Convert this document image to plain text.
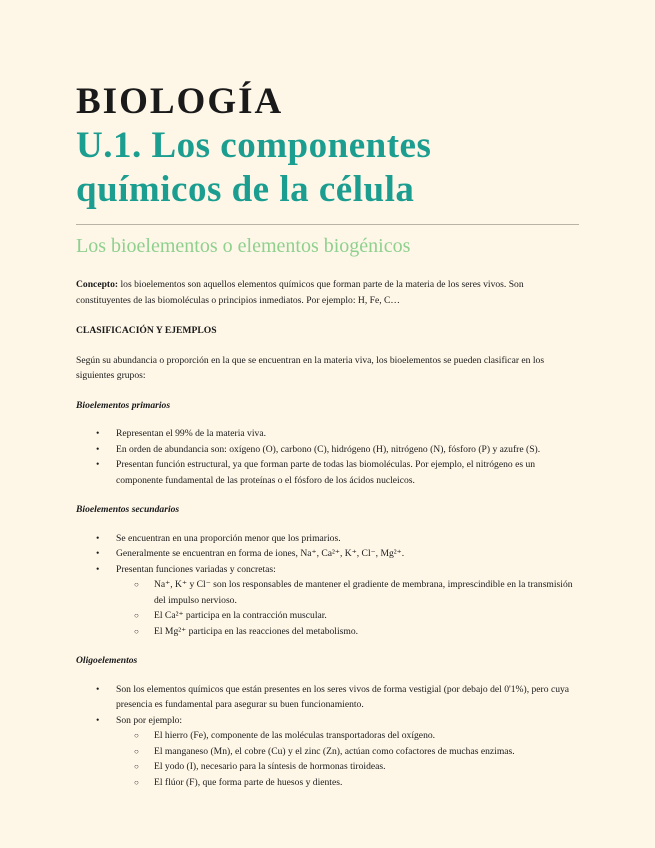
BIOLOGÍA
U.1. Los componentes
químicos de la célula
Los bioelementos o elementos biogénicos

Concepto: los bioelementos son aquellos elementos químicos que forman parte de la materia de los seres vivos. Son constituyentes de las biomoléculas o principios inmediatos. Por ejemplo: H, Fe, C…

CLASIFICACIÓN Y EJEMPLOS

Según su abundancia o proporción en la que se encuentran en la materia viva, los bioelementos se pueden clasificar en los siguientes grupos:

Bioelementos primarios

• Representan el 99% de la materia viva.
• En orden de abundancia son: oxígeno (O), carbono (C), hidrógeno (H), nitrógeno (N), fósforo (P) y azufre (S).
• Presentan función estructural, ya que forman parte de todas las biomoléculas. Por ejemplo, el nitrógeno es un componente fundamental de las proteínas o el fósforo de los ácidos nucleicos.

Bioelementos secundarios

• Se encuentran en una proporción menor que los primarios.
• Generalmente se encuentran en forma de iones, Na⁺, Ca²⁺, K⁺, Cl⁻, Mg²⁺.
• Presentan funciones variadas y concretas:
○ Na⁺, K⁺ y Cl⁻ son los responsables de mantener el gradiente de membrana, imprescindible en la transmisión del impulso nervioso.
○ El Ca²⁺ participa en la contracción muscular.
○ El Mg²⁺ participa en las reacciones del metabolismo.

Oligoelementos

• Son los elementos químicos que están presentes en los seres vivos de forma vestigial (por debajo del 0'1%), pero cuya presencia es fundamental para asegurar su buen funcionamiento.
• Son por ejemplo:
○ El hierro (Fe), componente de las moléculas transportadoras del oxígeno.
○ El manganeso (Mn), el cobre (Cu) y el zinc (Zn), actúan como cofactores de muchas enzimas.
○ El yodo (I), necesario para la síntesis de hormonas tiroideas.
○ El flúor (F), que forma parte de huesos y dientes.
